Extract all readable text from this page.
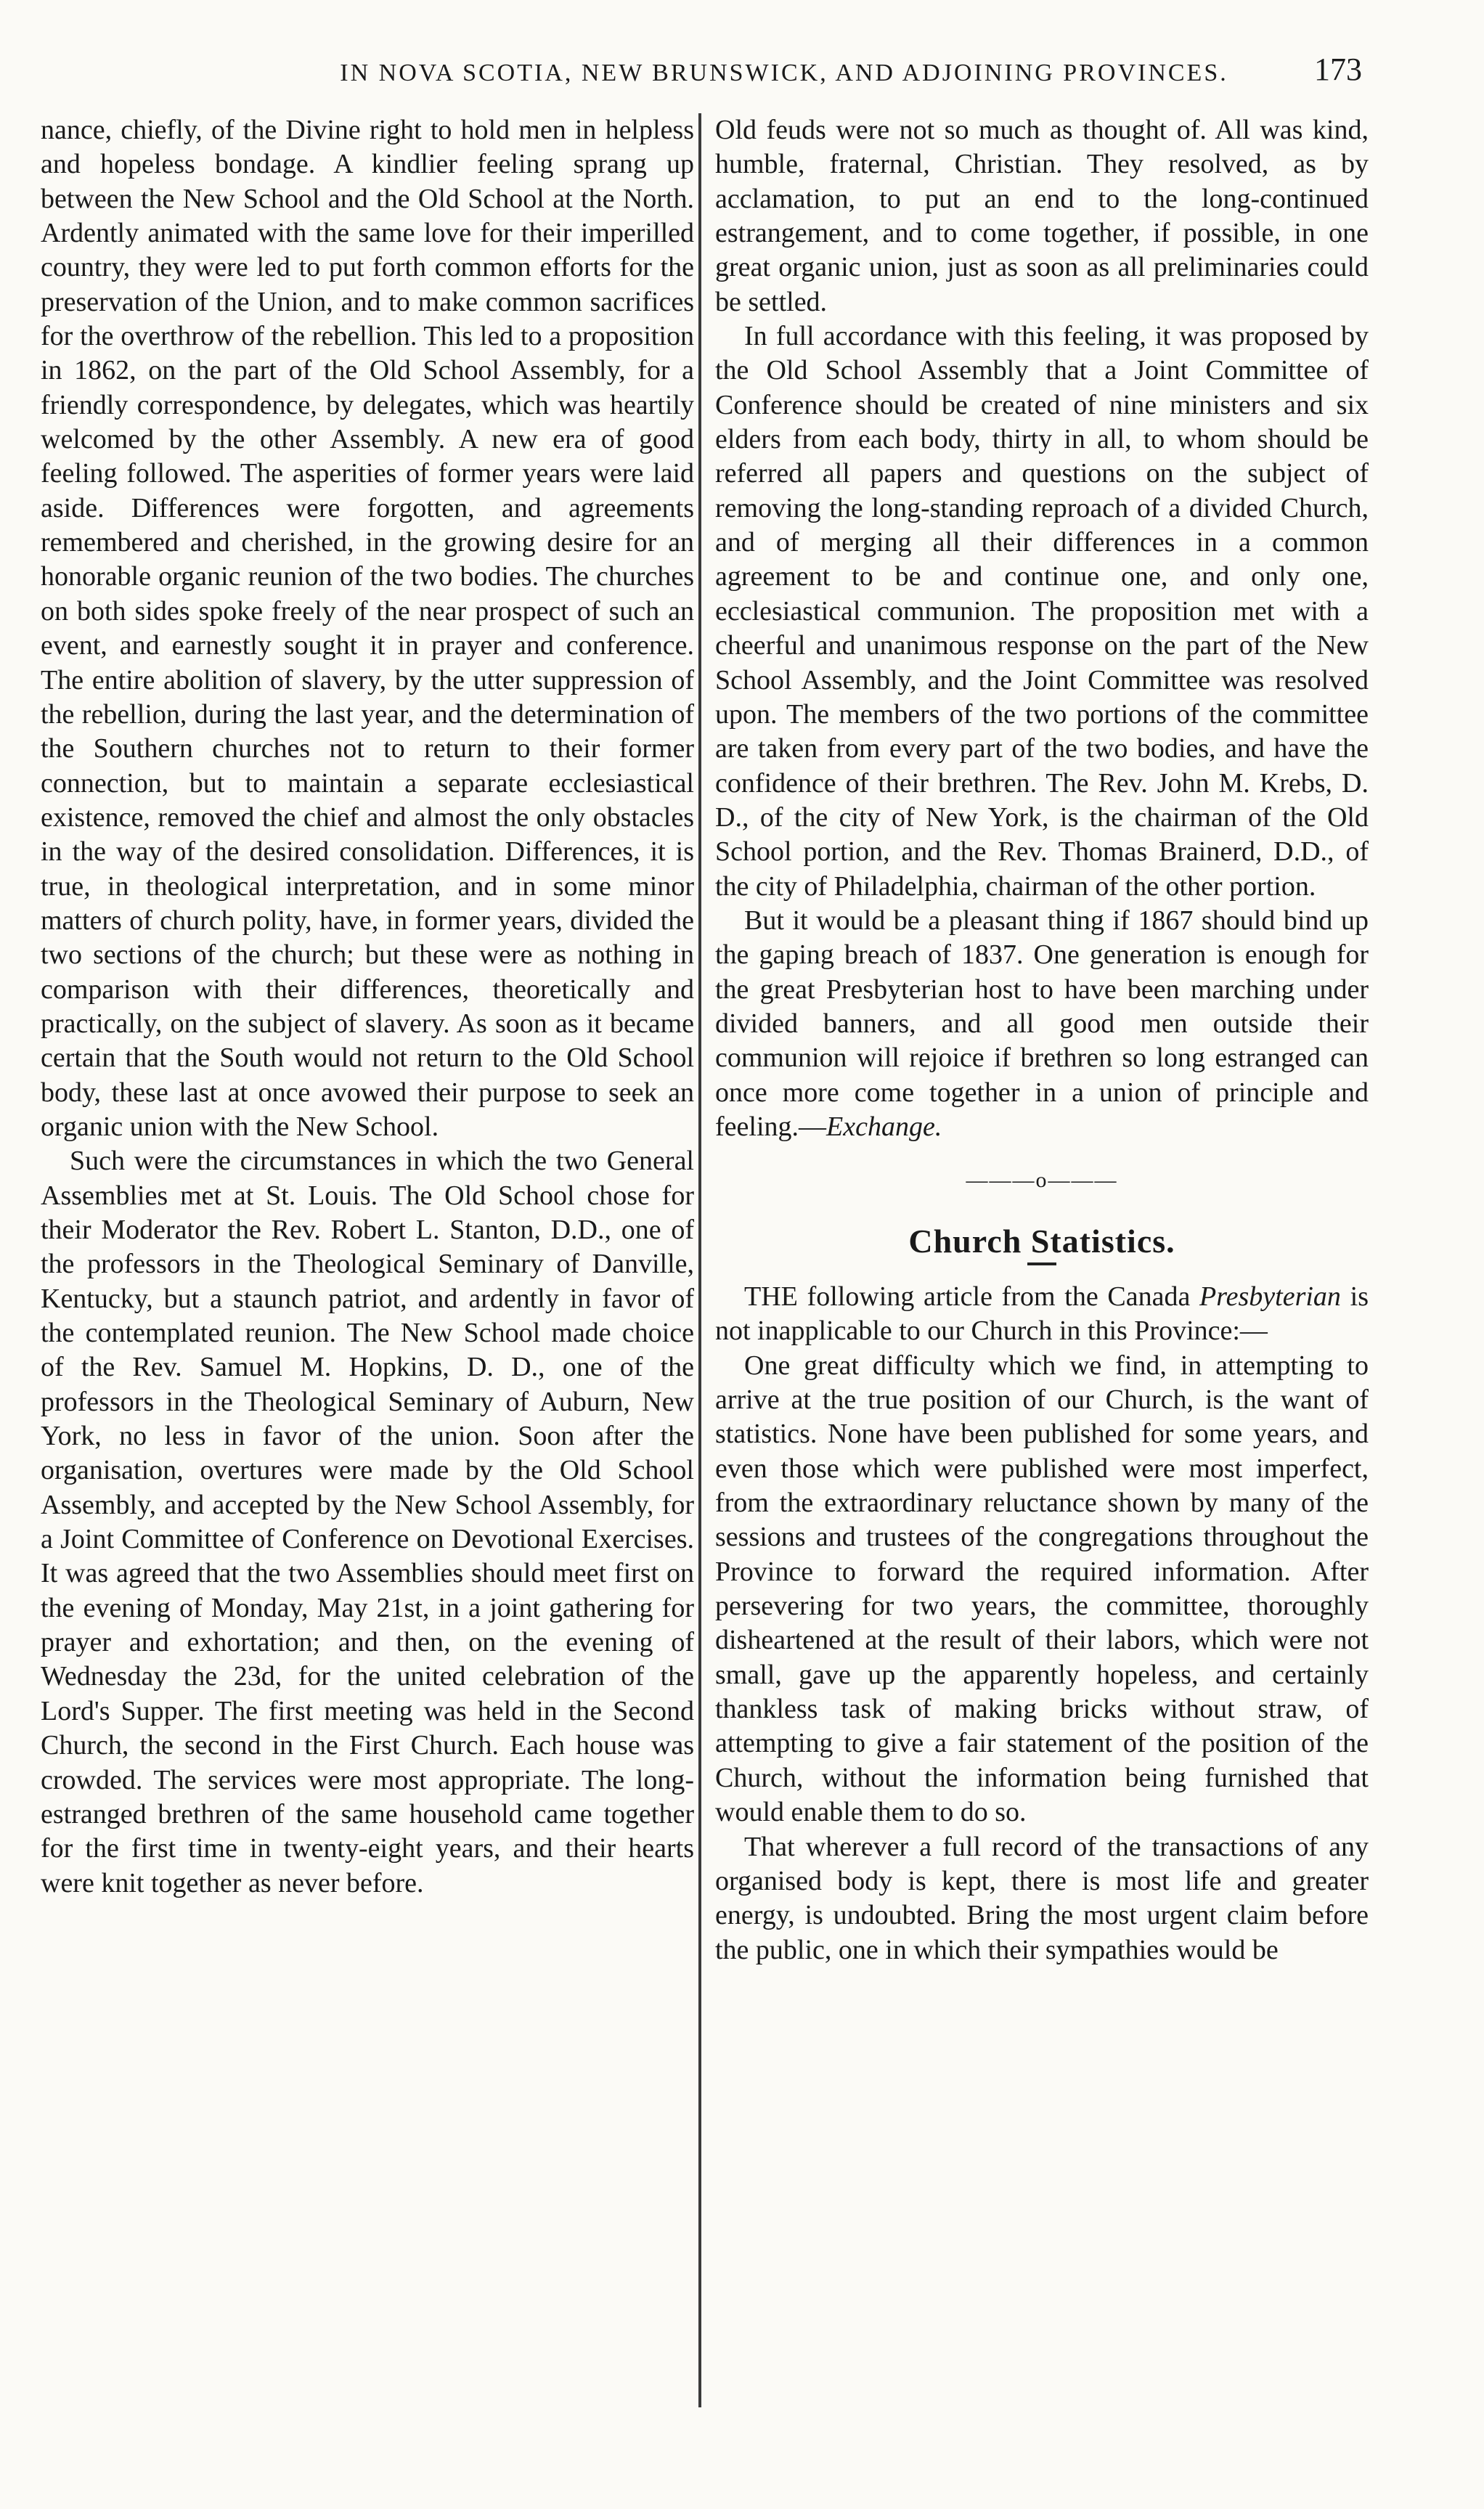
IN NOVA SCOTIA, NEW BRUNSWICK, AND ADJOINING PROVINCES.	173

nance, chiefly, of the Divine right to hold men in helpless and hopeless bondage. A kindlier feeling sprang up between the New School and the Old School at the North. Ardently animated with the same love for their imperilled country, they were led to put forth common efforts for the preservation of the Union, and to make common sacrifices for the overthrow of the rebellion. This led to a proposition in 1862, on the part of the Old School Assembly, for a friendly correspondence, by delegates, which was heartily welcomed by the other Assembly. A new era of good feeling followed. The asperities of former years were laid aside. Differences were forgotten, and agreements remembered and cherished, in the growing desire for an honorable organic reunion of the two bodies. The churches on both sides spoke freely of the near prospect of such an event, and earnestly sought it in prayer and conference. The entire abolition of slavery, by the utter suppression of the rebellion, during the last year, and the determination of the Southern churches not to return to their former connection, but to maintain a separate ecclesiastical existence, removed the chief and almost the only obstacles in the way of the desired consolidation. Differences, it is true, in theological interpretation, and in some minor matters of church polity, have, in former years, divided the two sections of the church; but these were as nothing in comparison with their differences, theoretically and practically, on the subject of slavery. As soon as it became certain that the South would not return to the Old School body, these last at once avowed their purpose to seek an organic union with the New School.

Such were the circumstances in which the two General Assemblies met at St. Louis. The Old School chose for their Moderator the Rev. Robert L. Stanton, D.D., one of the professors in the Theological Seminary of Danville, Kentucky, but a staunch patriot, and ardently in favor of the contemplated reunion. The New School made choice of the Rev. Samuel M. Hopkins, D. D., one of the professors in the Theological Seminary of Auburn, New York, no less in favor of the union. Soon after the organisation, overtures were made by the Old School Assembly, and accepted by the New School Assembly, for a Joint Committee of Conference on Devotional Exercises. It was agreed that the two Assemblies should meet first on the evening of Monday, May 21st, in a joint gathering for prayer and exhortation; and then, on the evening of Wednesday the 23d, for the united celebration of the Lord's Supper. The first meeting was held in the Second Church, the second in the First Church. Each house was crowded. The services were most appropriate. The long-estranged brethren of the same household came together for the first time in twenty-eight years, and their hearts were knit together as never before.

Old feuds were not so much as thought of. All was kind, humble, fraternal, Christian. They resolved, as by acclamation, to put an end to the long-continued estrangement, and to come together, if possible, in one great organic union, just as soon as all preliminaries could be settled.

In full accordance with this feeling, it was proposed by the Old School Assembly that a Joint Committee of Conference should be created of nine ministers and six elders from each body, thirty in all, to whom should be referred all papers and questions on the subject of removing the long-standing reproach of a divided Church, and of merging all their differences in a common agreement to be and continue one, and only one, ecclesiastical communion. The proposition met with a cheerful and unanimous response on the part of the New School Assembly, and the Joint Committee was resolved upon. The members of the two portions of the committee are taken from every part of the two bodies, and have the confidence of their brethren. The Rev. John M. Krebs, D. D., of the city of New York, is the chairman of the Old School portion, and the Rev. Thomas Brainerd, D.D., of the city of Philadelphia, chairman of the other portion.

But it would be a pleasant thing if 1867 should bind up the gaping breach of 1837. One generation is enough for the great Presbyterian host to have been marching under divided banners, and all good men outside their communion will rejoice if brethren so long estranged can once more come together in a union of principle and feeling.—Exchange.

———o———
Church Statistics.

THE following article from the Canada Presbyterian is not inapplicable to our Church in this Province:—

One great difficulty which we find, in attempting to arrive at the true position of our Church, is the want of statistics. None have been published for some years, and even those which were published were most imperfect, from the extraordinary reluctance shown by many of the sessions and trustees of the congregations throughout the Province to forward the required information. After persevering for two years, the committee, thoroughly disheartened at the result of their labors, which were not small, gave up the apparently hopeless, and certainly thankless task of making bricks without straw, of attempting to give a fair statement of the position of the Church, without the information being furnished that would enable them to do so.

That wherever a full record of the transactions of any organised body is kept, there is most life and greater energy, is undoubted. Bring the most urgent claim before the public, one in which their sympathies would be
